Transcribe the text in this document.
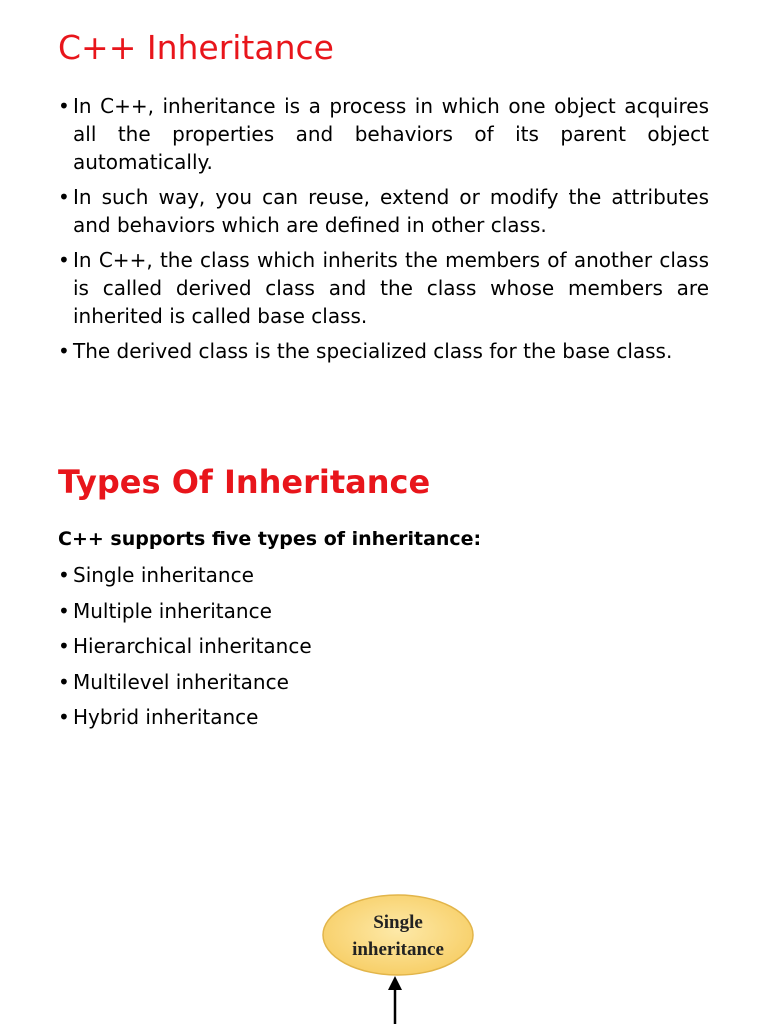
C++ Inheritance
• In C++, inheritance is a process in which one object acquires all the properties and behaviors of its parent object automatically.
• In such way, you can reuse, extend or modify the attributes and behaviors which are defined in other class.
• In C++, the class which inherits the members of another class is called derived class and the class whose members are inherited is called base class.
• The derived class is the specialized class for the base class.
Types Of Inheritance

C++ supports five types of inheritance:

• Single inheritance
• Multiple inheritance
• Hierarchical inheritance
• Multilevel inheritance
• Hybrid inheritance
Single
inheritance
